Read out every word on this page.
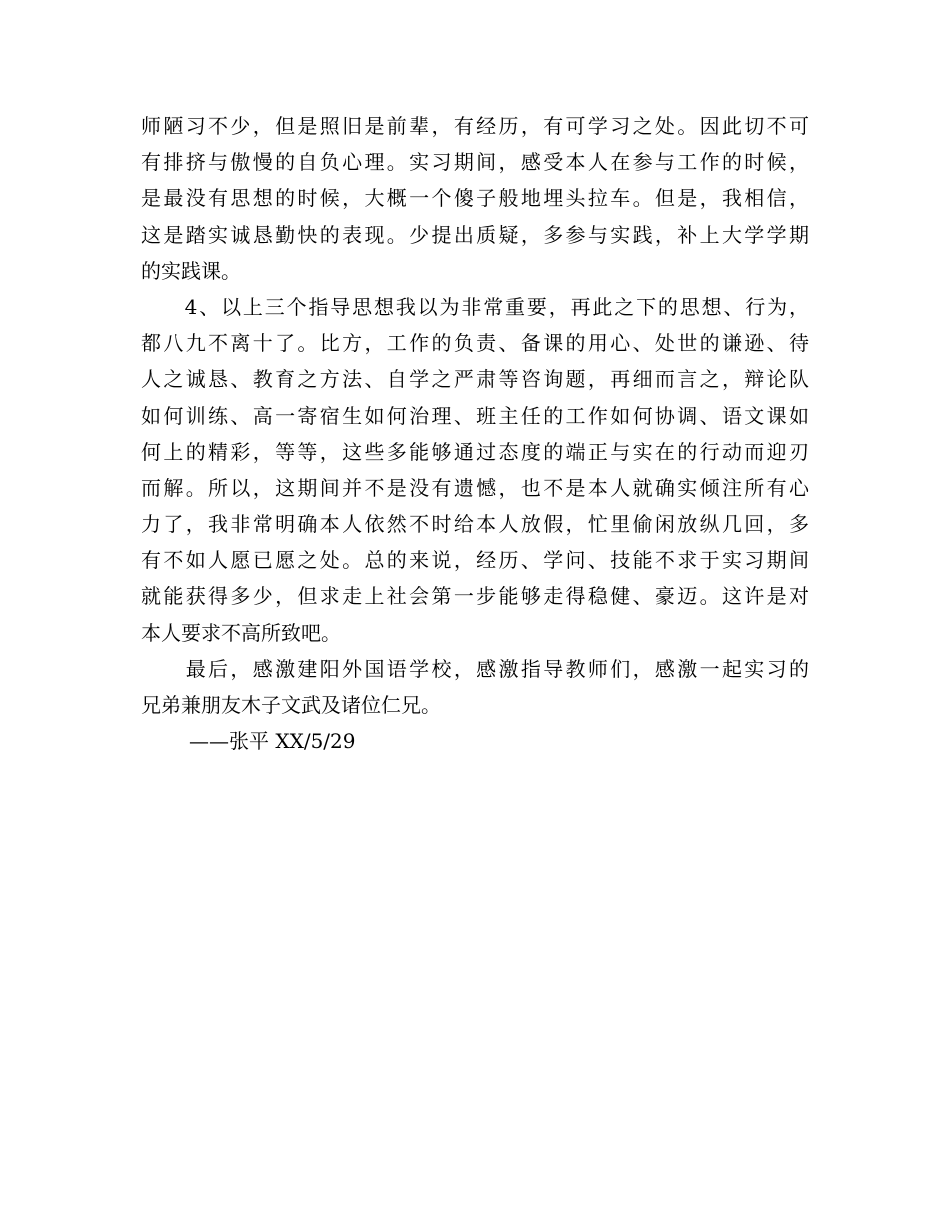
师陋习不少，但是照旧是前辈，有经历，有可学习之处。因此切不可
有排挤与傲慢的自负心理。实习期间，感受本人在参与工作的时候，
是最没有思想的时候，大概一个傻子般地埋头拉车。但是，我相信，
这是踏实诚恳勤快的表现。少提出质疑，多参与实践，补上大学学期
的实践课。
　　4、以上三个指导思想我以为非常重要，再此之下的思想、行为，
都八九不离十了。比方，工作的负责、备课的用心、处世的谦逊、待
人之诚恳、教育之方法、自学之严肃等咨询题，再细而言之，辩论队
如何训练、高一寄宿生如何治理、班主任的工作如何协调、语文课如
何上的精彩，等等，这些多能够通过态度的端正与实在的行动而迎刃
而解。所以，这期间并不是没有遗憾，也不是本人就确实倾注所有心
力了，我非常明确本人依然不时给本人放假，忙里偷闲放纵几回，多
有不如人愿已愿之处。总的来说，经历、学问、技能不求于实习期间
就能获得多少，但求走上社会第一步能够走得稳健、豪迈。这许是对
本人要求不高所致吧。
　　最后，感激建阳外国语学校，感激指导教师们，感激一起实习的
兄弟兼朋友木子文武及诸位仁兄。
——张平 XX/5/29
